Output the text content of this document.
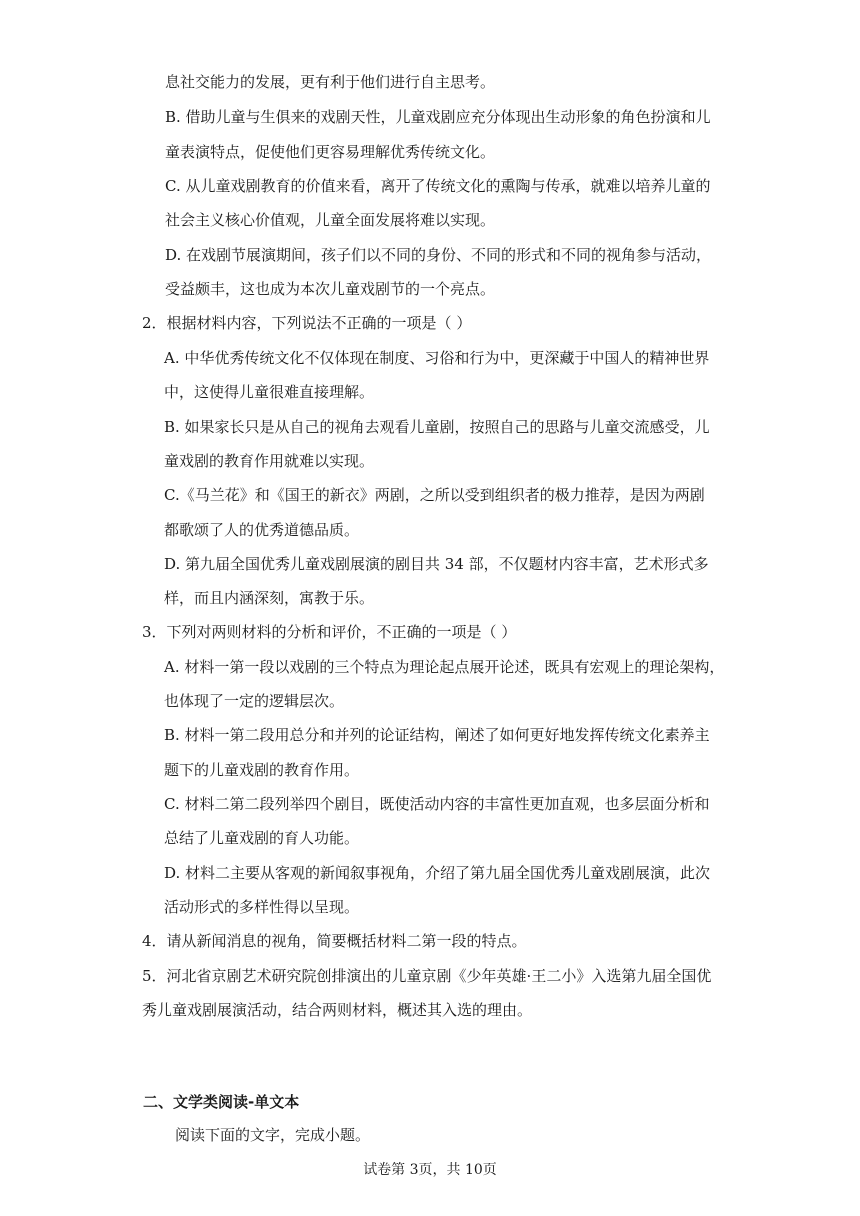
息社交能力的发展，更有利于他们进行自主思考。
B. 借助儿童与生俱来的戏剧天性，儿童戏剧应充分体现出生动形象的角色扮演和儿
童表演特点，促使他们更容易理解优秀传统文化。
C. 从儿童戏剧教育的价值来看，离开了传统文化的熏陶与传承，就难以培养儿童的
社会主义核心价值观，儿童全面发展将难以实现。
D. 在戏剧节展演期间，孩子们以不同的身份、不同的形式和不同的视角参与活动，
受益颇丰，这也成为本次儿童戏剧节的一个亮点。
2．根据材料内容，下列说法不正确的一项是（ ）
A. 中华优秀传统文化不仅体现在制度、习俗和行为中，更深藏于中国人的精神世界
中，这使得儿童很难直接理解。
B. 如果家长只是从自己的视角去观看儿童剧，按照自己的思路与儿童交流感受，儿
童戏剧的教育作用就难以实现。
C.《马兰花》和《国王的新衣》两剧，之所以受到组织者的极力推荐，是因为两剧
都歌颂了人的优秀道德品质。
D. 第九届全国优秀儿童戏剧展演的剧目共 34 部，不仅题材内容丰富，艺术形式多
样，而且内涵深刻，寓教于乐。
3．下列对两则材料的分析和评价，不正确的一项是（ ）
A. 材料一第一段以戏剧的三个特点为理论起点展开论述，既具有宏观上的理论架构，
也体现了一定的逻辑层次。
B. 材料一第二段用总分和并列的论证结构，阐述了如何更好地发挥传统文化素养主
题下的儿童戏剧的教育作用。
C. 材料二第二段列举四个剧目，既使活动内容的丰富性更加直观，也多层面分析和
总结了儿童戏剧的育人功能。
D. 材料二主要从客观的新闻叙事视角，介绍了第九届全国优秀儿童戏剧展演，此次
活动形式的多样性得以呈现。
4．请从新闻消息的视角，简要概括材料二第一段的特点。
5．河北省京剧艺术研究院创排演出的儿童京剧《少年英雄·王二小》入选第九届全国优
秀儿童戏剧展演活动，结合两则材料，概述其入选的理由。
二、文学类阅读-单文本
阅读下面的文字，完成小题。
试卷第 3页，共 10页
